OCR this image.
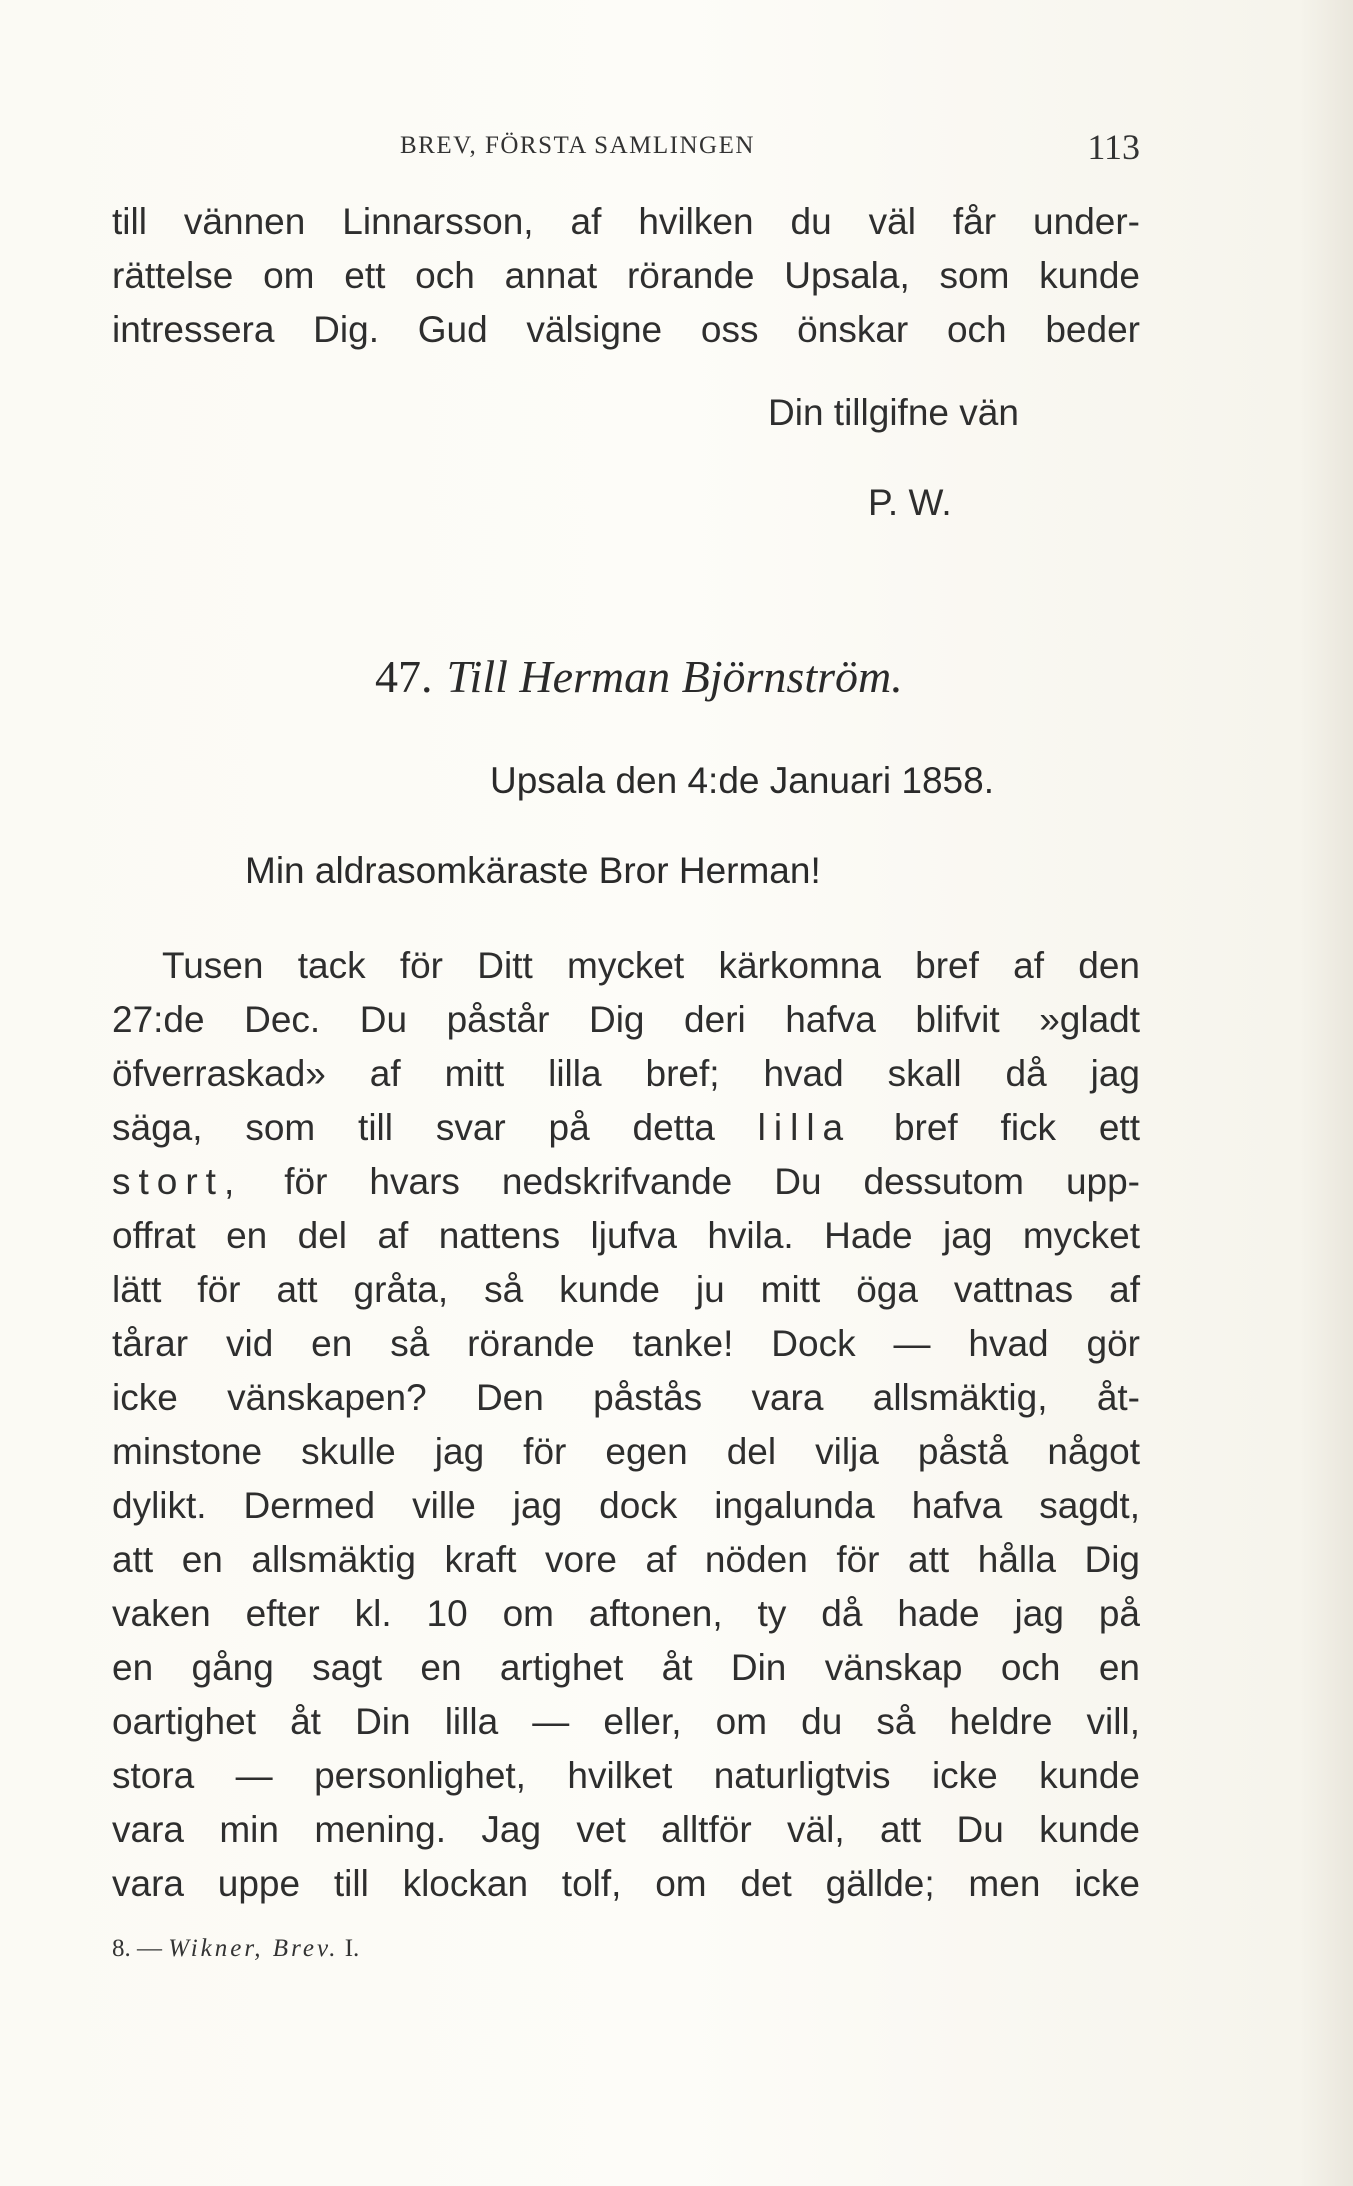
BREV, FÖRSTA SAMLINGEN	113
till vännen Linnarsson, af hvilken du väl får under-
rättelse om ett och annat rörande Upsala, som kunde
intressera Dig. Gud välsigne oss önskar och beder
Din tillgifne vän
P. W.
47. Till Herman Björnström.
Upsala den 4:de Januari 1858.
Min aldrasomkäraste Bror Herman!
Tusen tack för Ditt mycket kärkomna bref af den
27:de Dec. Du påstår Dig deri hafva blifvit »gladt
öfverraskad» af mitt lilla bref; hvad skall då jag
säga, som till svar på detta lilla bref fick ett
stort, för hvars nedskrifvande Du dessutom upp-
offrat en del af nattens ljufva hvila. Hade jag mycket
lätt för att gråta, så kunde ju mitt öga vattnas af
tårar vid en så rörande tanke! Dock — hvad gör
icke vänskapen? Den påstås vara allsmäktig, åt-
minstone skulle jag för egen del vilja påstå något
dylikt. Dermed ville jag dock ingalunda hafva sagdt,
att en allsmäktig kraft vore af nöden för att hålla Dig
vaken efter kl. 10 om aftonen, ty då hade jag på
en gång sagt en artighet åt Din vänskap och en
oartighet åt Din lilla — eller, om du så heldre vill,
stora — personlighet, hvilket naturligtvis icke kunde
vara min mening. Jag vet alltför väl, att Du kunde
vara uppe till klockan tolf, om det gällde; men icke
8. — Wikner, Brev. I.
